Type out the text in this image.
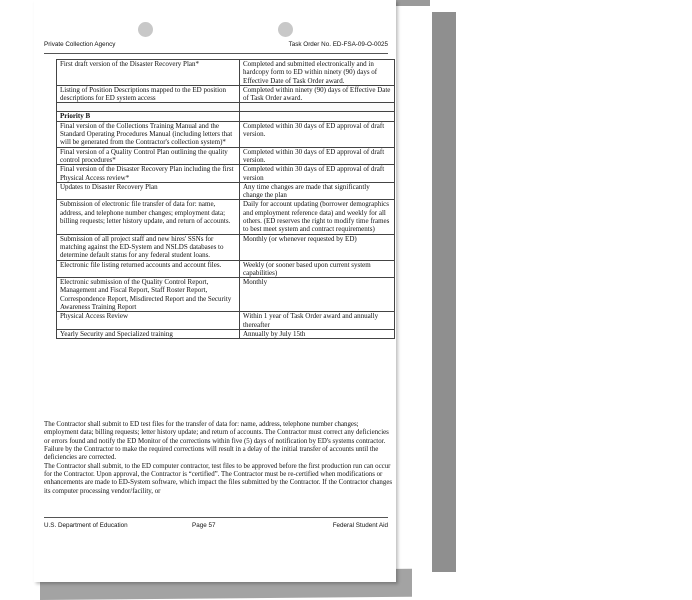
Private Collection Agency	Task Order No. ED-FSA-09-O-0025
First draft version of the Disaster Recovery Plan*	Completed and submitted electronically and in hardcopy form to ED within ninety (90) days of Effective Date of Task Order award.
Listing of Position Descriptions mapped to the ED position descriptions for ED system access	Completed within ninety (90) days of Effective Date of Task Order award.

Priority B	
Final version of the Collections Training Manual and the Standard Operating Procedures Manual (including letters that will be generated from the Contractor's collection system)*	Completed within 30 days of ED approval of draft version.
Final version of a Quality Control Plan outlining the quality control procedures*	Completed within 30 days of ED approval of draft version.
Final version of the Disaster Recovery Plan including the first Physical Access review*	Completed within 30 days of ED approval of draft version
Updates to Disaster Recovery Plan	Any time changes are made that significantly change the plan
Submission of electronic file transfer of data for: name, address, and telephone number changes; employment data; billing requests; letter history update, and return of accounts.	Daily for account updating (borrower demographics and employment reference data) and weekly for all others. (ED reserves the right to modify time frames to best meet system and contract requirements)
Submission of all project staff and new hires' SSNs for matching against the ED-System and NSLDS databases to determine default status for any federal student loans.	Monthly (or whenever requested by ED)
Electronic file listing returned accounts and account files.	Weekly (or sooner based upon current system capabilities)
Electronic submission of the Quality Control Report, Management and Fiscal Report, Staff Roster Report, Correspondence Report, Misdirected Report and the Security Awareness Training Report	Monthly
Physical Access Review	Within 1 year of Task Order award and annually thereafter
Yearly Security and Specialized training	Annually by July 15th
The Contractor shall submit to ED test files for the transfer of data for: name, address, telephone number changes; employment data; billing requests; letter history update; and return of accounts. The Contractor must correct any deficiencies or errors found and notify the ED Monitor of the corrections within five (5) days of notification by ED's systems contractor. Failure by the Contractor to make the required corrections will result in a delay of the initial transfer of accounts until the deficiencies are corrected.
The Contractor shall submit, to the ED computer contractor, test files to be approved before the first production run can occur for the Contractor. Upon approval, the Contractor is “certified”. The Contractor must be re-certified when modifications or enhancements are made to ED-System software, which impact the files submitted by the Contractor. If the Contractor changes its computer processing vendor/facility, or
U.S. Department of Education	Page 57	Federal Student Aid
